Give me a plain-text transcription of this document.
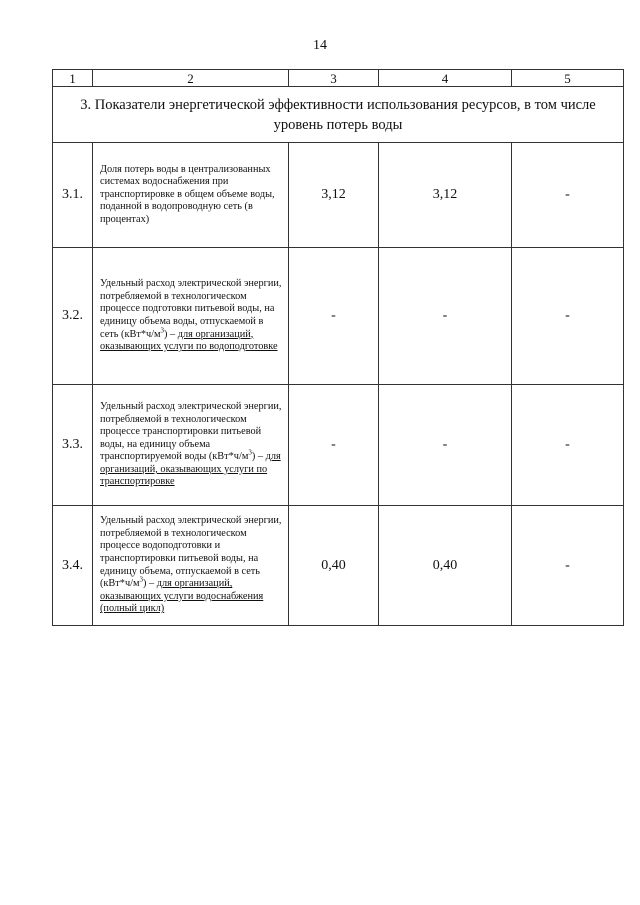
14
1	2	3	4	5
3. Показатели энергетической эффективности использования ресурсов, в том числе уровень потерь воды				
3.1.	Доля потерь воды в централизованных системах водоснабжения при транспортировке в общем объеме воды, поданной в водопроводную сеть (в процентах)	3,12	3,12	-
3.2.	Удельный расход электрической энергии, потребляемой в технологическом процессе подготовки питьевой воды, на единицу объема воды, отпускаемой в сеть $(кВт*ч/м^3)$ – для организаций, оказывающих услуги по водоподготовке	-	-	-
3.3.	Удельный расход электрической энергии, потребляемой в технологическом процессе транспортировки питьевой воды, на единицу объема транспортируемой воды $(кВт*ч/м^3)$ – для организаций, оказывающих услуги по транспортировке	-	-	-
3.4.	Удельный расход электрической энергии, потребляемой в технологическом процессе водоподготовки и транспортировки питьевой воды, на единицу объема, отпускаемой в сеть $(кВт*ч/м^3)$ – для организаций, оказывающих услуги водоснабжения (полный цикл)	0,40	0,40	-
